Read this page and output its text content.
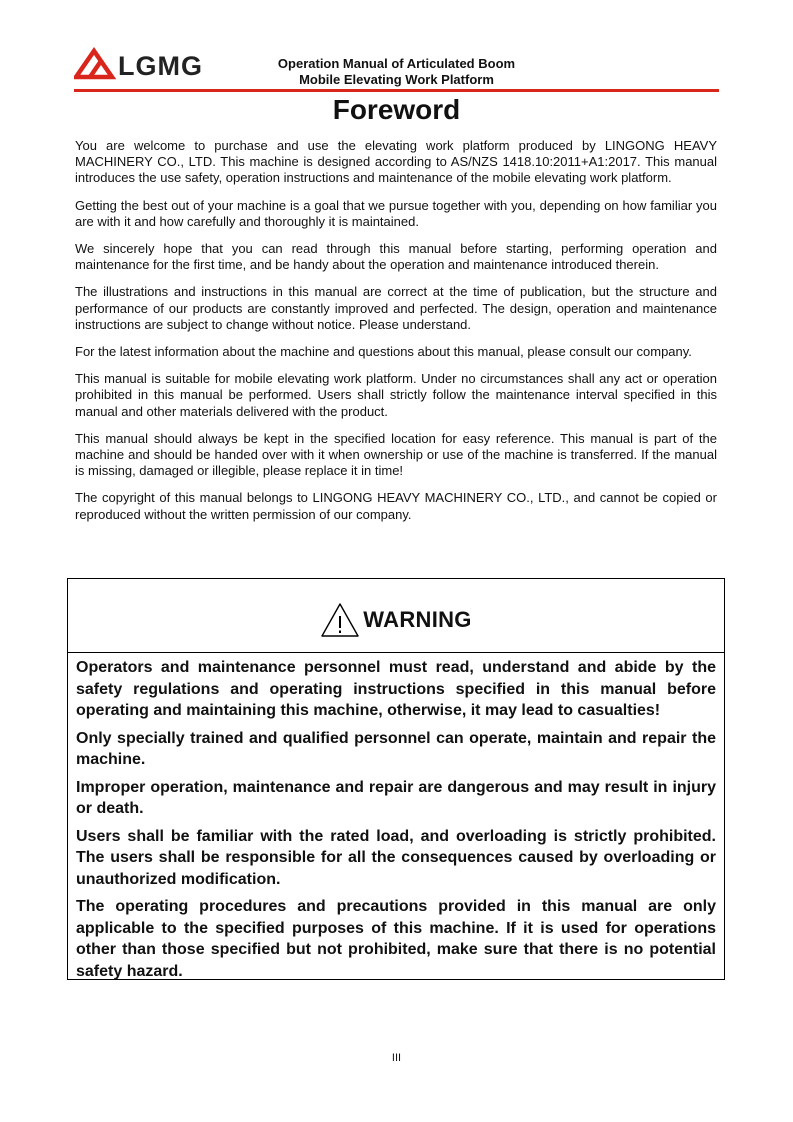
LGMG	Operation Manual of Articulated Boom
Mobile Elevating Work Platform
Foreword

You are welcome to purchase and use the elevating work platform produced by LINGONG HEAVY MACHINERY CO., LTD. This machine is designed according to AS/NZS 1418.10:2011+A1:2017. This manual introduces the use safety, operation instructions and maintenance of the mobile elevating work platform.

Getting the best out of your machine is a goal that we pursue together with you, depending on how familiar you are with it and how carefully and thoroughly it is maintained.

We sincerely hope that you can read through this manual before starting, performing operation and maintenance for the first time, and be handy about the operation and maintenance introduced therein.

The illustrations and instructions in this manual are correct at the time of publication, but the structure and performance of our products are constantly improved and perfected. The design, operation and maintenance instructions are subject to change without notice. Please understand.

For the latest information about the machine and questions about this manual, please consult our company.

This manual is suitable for mobile elevating work platform. Under no circumstances shall any act or operation prohibited in this manual be performed. Users shall strictly follow the maintenance interval specified in this manual and other materials delivered with the product.

This manual should always be kept in the specified location for easy reference. This manual is part of the machine and should be handed over with it when ownership or use of the machine is transferred. If the manual is missing, damaged or illegible, please replace it in time!

The copyright of this manual belongs to LINGONG HEAVY MACHINERY CO., LTD., and cannot be copied or reproduced without the written permission of our company.

WARNING

Operators and maintenance personnel must read, understand and abide by the safety regulations and operating instructions specified in this manual before operating and maintaining this machine, otherwise, it may lead to casualties!

Only specially trained and qualified personnel can operate, maintain and repair the machine.

Improper operation, maintenance and repair are dangerous and may result in injury or death.

Users shall be familiar with the rated load, and overloading is strictly prohibited. The users shall be responsible for all the consequences caused by overloading or unauthorized modification.

The operating procedures and precautions provided in this manual are only applicable to the specified purposes of this machine. If it is used for operations other than those specified but not prohibited, make sure that there is no potential safety hazard.

III
